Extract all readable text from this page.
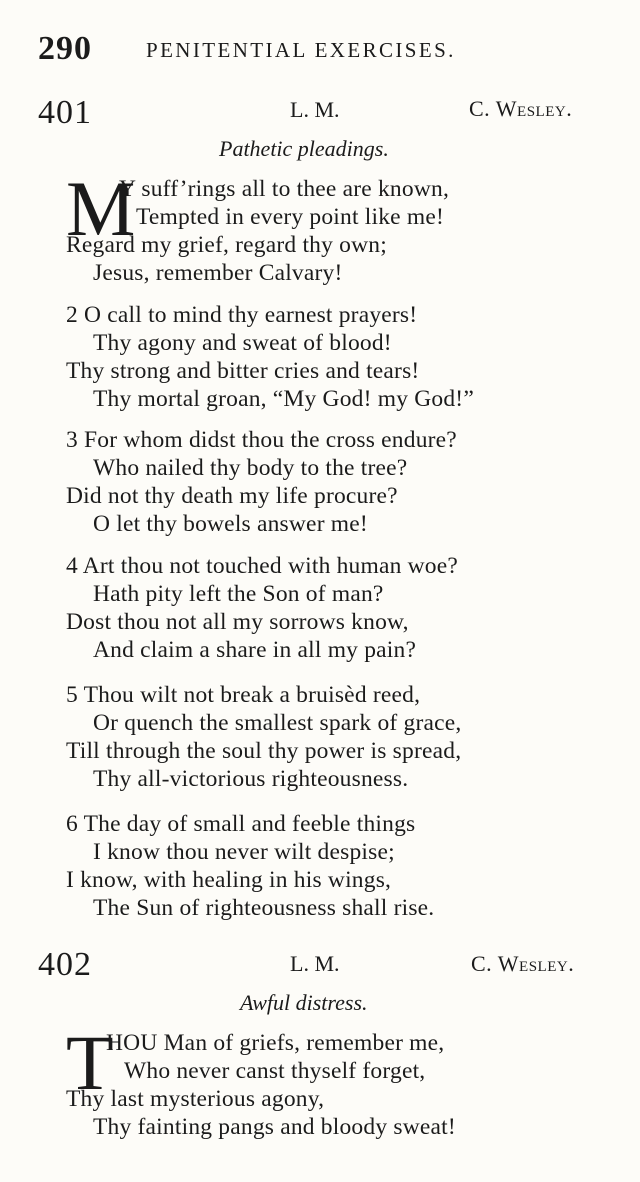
290	PENITENTIAL EXERCISES.
401	L. M.	C. Wesley.
Pathetic pleadings.
M
Y suff’rings all to thee are known,
Tempted in every point like me!
Regard my grief, regard thy own;
Jesus, remember Calvary!
2 O call to mind thy earnest prayers!
Thy agony and sweat of blood!
Thy strong and bitter cries and tears!
Thy mortal groan, “My God! my God!”
3 For whom didst thou the cross endure?
Who nailed thy body to the tree?
Did not thy death my life procure?
O let thy bowels answer me!
4 Art thou not touched with human woe?
Hath pity left the Son of man?
Dost thou not all my sorrows know,
And claim a share in all my pain?
5 Thou wilt not break a bruisèd reed,
Or quench the smallest spark of grace,
Till through the soul thy power is spread,
Thy all-victorious righteousness.
6 The day of small and feeble things
I know thou never wilt despise;
I know, with healing in his wings,
The Sun of righteousness shall rise.
402	L. M.	C. Wesley.
Awful distress.
T
HOU Man of griefs, remember me,
Who never canst thyself forget,
Thy last mysterious agony,
Thy fainting pangs and bloody sweat!
